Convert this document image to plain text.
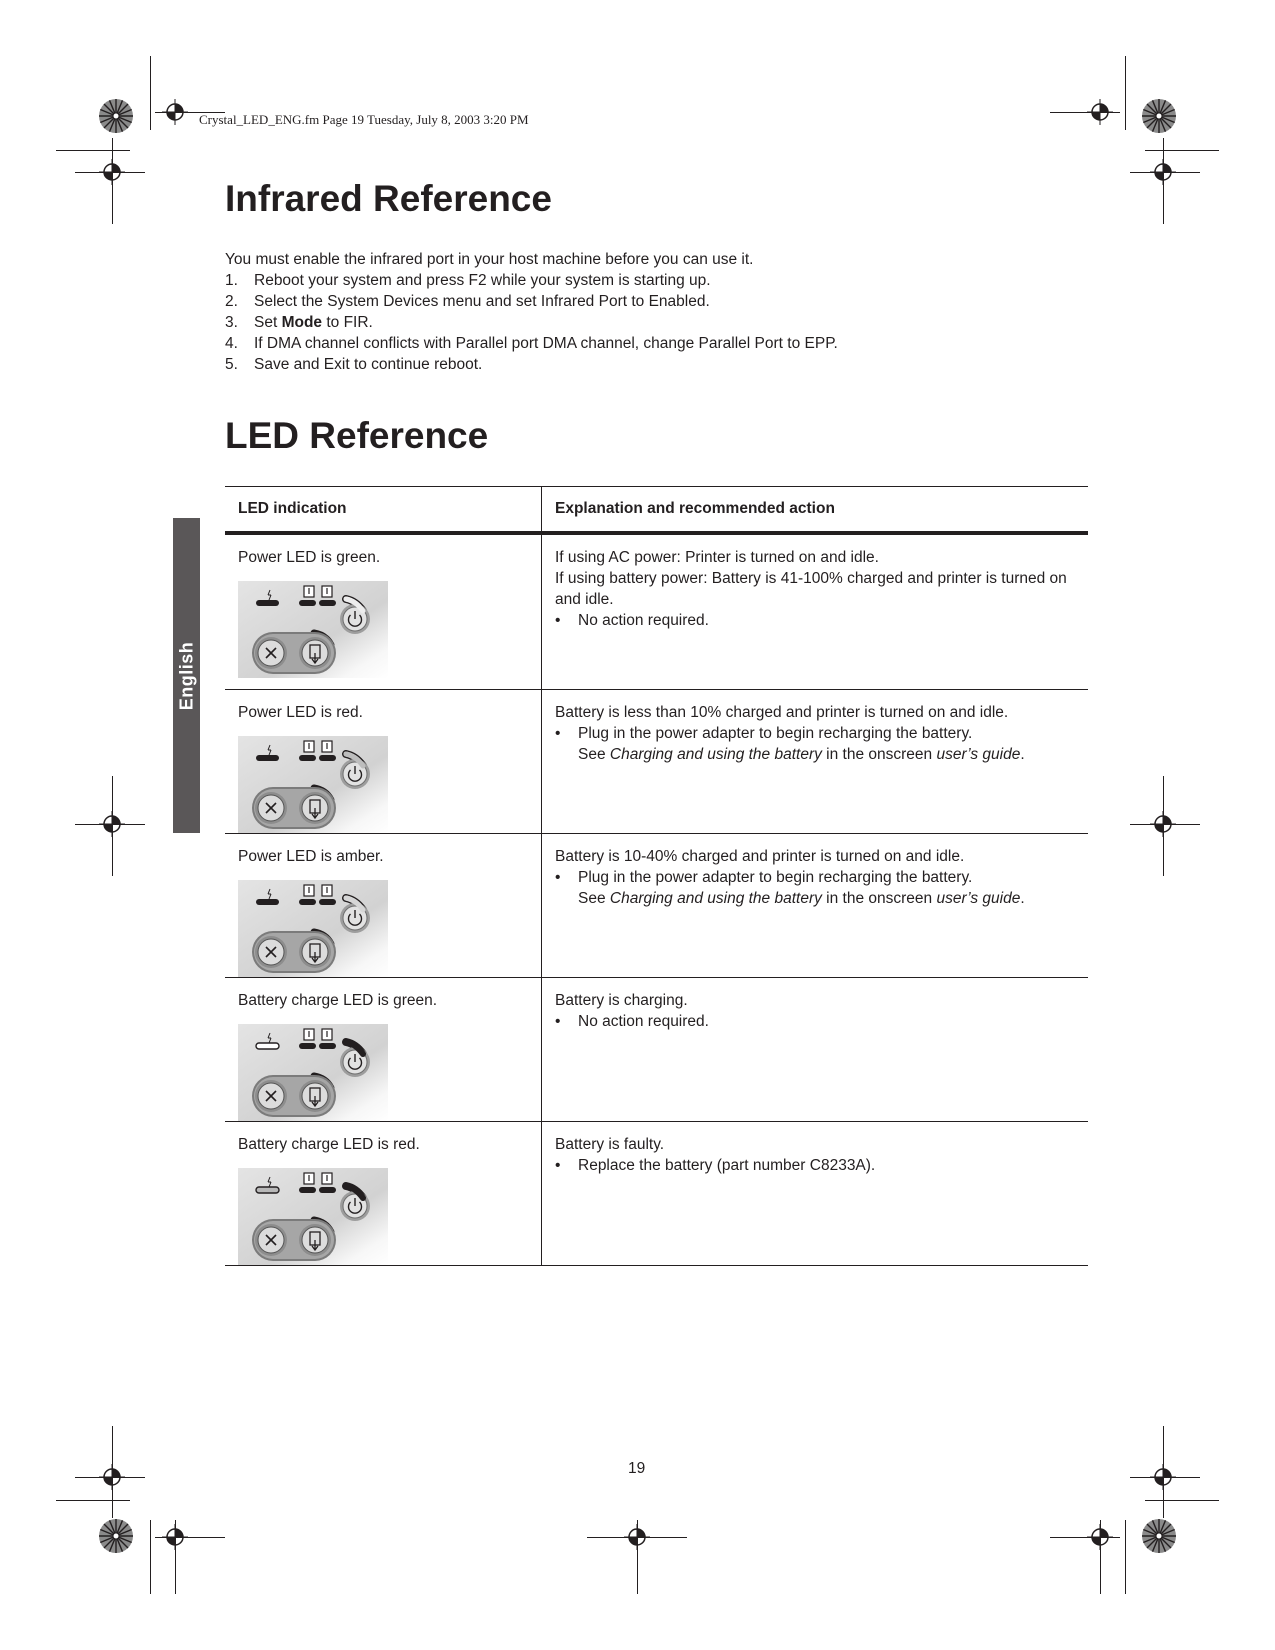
Crystal_LED_ENG.fm Page 19 Tuesday, July 8, 2003 3:20 PM
English
Infrared Reference

You must enable the infrared port in your host machine before you can use it.

1.	Reboot your system and press F2 while your system is starting up.
2.	Select the System Devices menu and set Infrared Port to Enabled.
3.	Set Mode to FIR.
4.	If DMA channel conflicts with Parallel port DMA channel, change Parallel Port to EPP.
5.	Save and Exit to continue reboot.
LED Reference
LED indication	Explanation and recommended action

Power LED is green.	If using AC power: Printer is turned on and idle.

If using battery power: Battery is 41-100% charged and printer is turned on and idle.

• No action required.

Power LED is red.	Battery is less than 10% charged and printer is turned on and idle.

• Plug in the power adapter to begin recharging the battery.

See Charging and using the battery in the onscreen user’s guide.

Power LED is amber.	Battery is 10-40% charged and printer is turned on and idle.

• Plug in the power adapter to begin recharging the battery.

See Charging and using the battery in the onscreen user’s guide.

Battery charge LED is green.	Battery is charging.

• No action required.

Battery charge LED is red.	Battery is faulty.

• Replace the battery (part number C8233A).
19
